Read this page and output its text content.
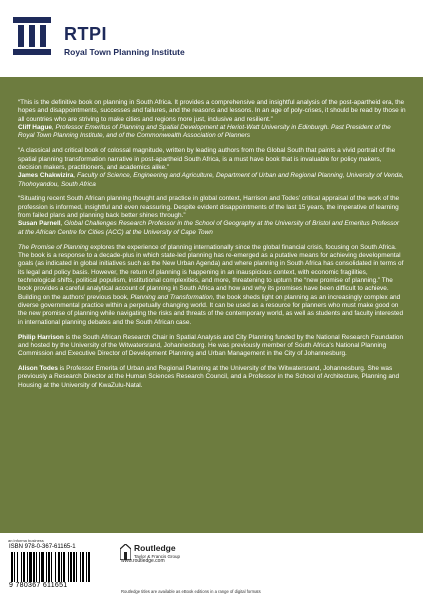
RTPI
Royal Town Planning Institute

“This is the definitive book on planning in South Africa. It provides a comprehensive and insightful analysis of the post-apartheid era, the hopes and disappointments, successes and failures, and the reasons and lessons. In an age of poly-crises, it should be read by those in all countries who are striving to make cities and regions more just, inclusive and resilient.”
Cliff Hague, Professor Emeritus of Planning and Spatial Development at Heriot-Watt University in Edinburgh. Past President of the Royal Town Planning Institute, and of the Commonwealth Association of Planners

“A classical and critical book of colossal magnitude, written by leading authors from the Global South that paints a vivid portrait of the spatial planning transformation narrative in post-apartheid South Africa, is a must have book that is invaluable for policy makers, decision makers, practitioners, and academics alike.”
James Chakwizira, Faculty of Science, Engineering and Agriculture, Department of Urban and Regional Planning, University of Venda, Thohoyandou, South Africa

“Situating recent South African planning thought and practice in global context, Harrison and Todes’ critical appraisal of the work of the profession is informed, insightful and even reassuring. Despite evident disappointments of the last 15 years, the imperative of learning from failed plans and planning back better shines through.”
Susan Parnell, Global Challenges Research Professor in the School of Geography at the University of Bristol and Emeritus Professor at the African Centre for Cities (ACC) at the University of Cape Town

The Promise of Planning explores the experience of planning internationally since the global financial crisis, focusing on South Africa. The book is a response to a decade-plus in which state-led planning has re-emerged as a putative means for achieving developmental goals (as indicated in global initiatives such as the New Urban Agenda) and where planning in South Africa has consolidated in terms of its legal and policy basis. However, the return of planning is happening in an inauspicious context, with economic fragilities, technological shifts, political populism, institutional complexities, and more, threatening to upturn the “new promise of planning.” The book provides a careful analytical account of planning in South Africa and how and why its promises have been difficult to achieve. Building on the authors’ previous book, Planning and Transformation, the book sheds light on planning as an increasingly complex and diverse governmental practice within a perpetually changing world. It can be used as a resource for planners who must make good on the new promise of planning while navigating the risks and threats of the contemporary world, as well as students and faculty interested in international planning debates and the South African case.

Philip Harrison is the South African Research Chair in Spatial Analysis and City Planning funded by the National Research Foundation and hosted by the University of the Witwatersrand, Johannesburg. He was previously member of South Africa’s National Planning Commission and Executive Director of Development Planning and Urban Management in the City of Johannesburg.

Alison Todes is Professor Emerita of Urban and Regional Planning at the University of the Witwatersrand, Johannesburg. She was previously a Research Director at the Human Sciences Research Council, and a Professor in the School of Architecture, Planning and Housing at the University of KwaZulu-Natal.

an informa business
ISBN 978-0-367-61165-1
9 780367 611651
Routledge
Taylor & Francis Group
www.routledge.com
Routledge titles are available as eBook editions in a range of digital formats
